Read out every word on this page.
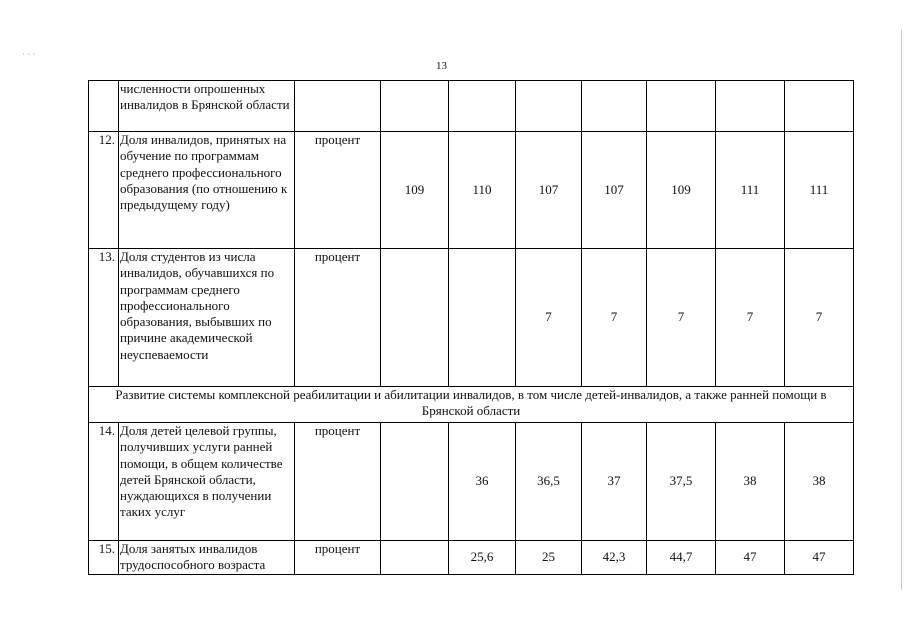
13
˙ ˋ ˙
	численности опрошенных инвалидов в Брянской области								
12.	Доля инвалидов, принятых на обучение по программам среднего профессионального образования (по отношению к предыдущему году)	процент	109	110	107	107	109	111	111
13.	Доля студентов из числа инвалидов, обучавшихся по программам среднего профессионального образования, выбывших по причине академической неуспеваемости	процент			7	7	7	7	7
Развитие системы комплексной реабилитации и абилитации инвалидов, в том числе детей-инвалидов, а также ранней помощи в Брянской области									
14.	Доля детей целевой группы, получивших услуги ранней помощи, в общем количестве детей Брянской области, нуждающихся в получении таких услуг	процент		36	36,5	37	37,5	38	38
15.	Доля занятых инвалидов трудоспособного возраста	процент		25,6	25	42,3	44,7	47	47
